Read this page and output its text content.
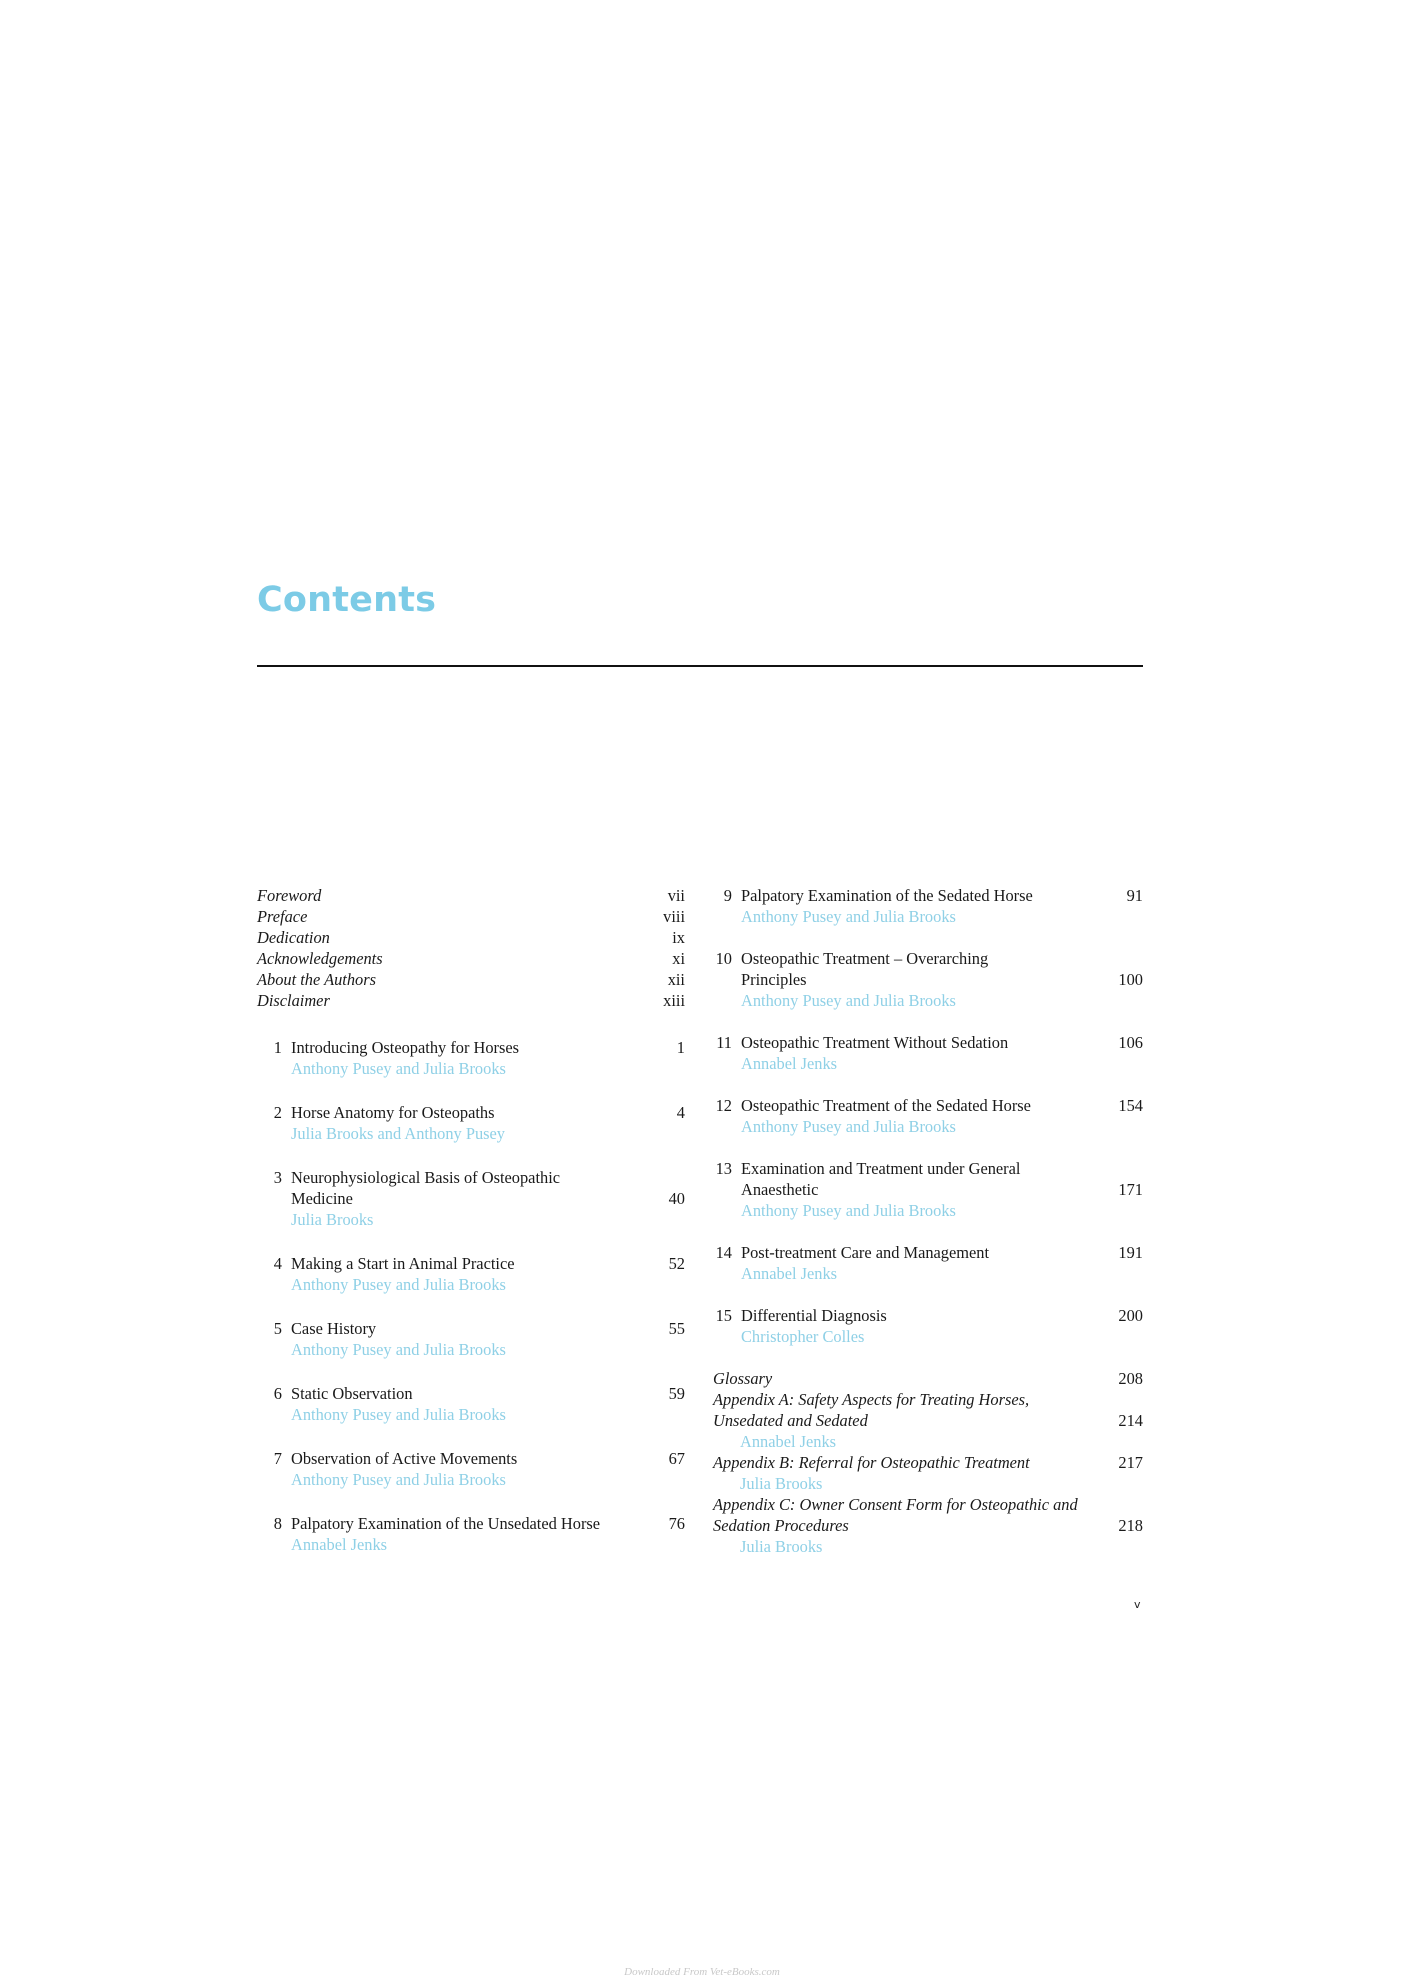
Contents
Foreword	vii
Preface	viii
Dedication	ix
Acknowledgements	xi
About the Authors	xii
Disclaimer	xiii
1 Introducing Osteopathy for Horses	1
Anthony Pusey and Julia Brooks
2 Horse Anatomy for Osteopaths	4
Julia Brooks and Anthony Pusey
3 Neurophysiological Basis of Osteopathic Medicine	40
Julia Brooks
4 Making a Start in Animal Practice	52
Anthony Pusey and Julia Brooks
5 Case History	55
Anthony Pusey and Julia Brooks
6 Static Observation	59
Anthony Pusey and Julia Brooks
7 Observation of Active Movements	67
Anthony Pusey and Julia Brooks
8 Palpatory Examination of the Unsedated Horse	76
Annabel Jenks
9 Palpatory Examination of the Sedated Horse	91
Anthony Pusey and Julia Brooks
10 Osteopathic Treatment – Overarching Principles	100
Anthony Pusey and Julia Brooks
11 Osteopathic Treatment Without Sedation	106
Annabel Jenks
12 Osteopathic Treatment of the Sedated Horse	154
Anthony Pusey and Julia Brooks
13 Examination and Treatment under General Anaesthetic	171
Anthony Pusey and Julia Brooks
14 Post-treatment Care and Management	191
Annabel Jenks
15 Differential Diagnosis	200
Christopher Colles
Glossary	208
Appendix A: Safety Aspects for Treating Horses, Unsedated and Sedated	214
Annabel Jenks
Appendix B: Referral for Osteopathic Treatment	217
Julia Brooks
Appendix C: Owner Consent Form for Osteopathic and Sedation Procedures	218
Julia Brooks
v
Downloaded From Vet-eBooks.com
